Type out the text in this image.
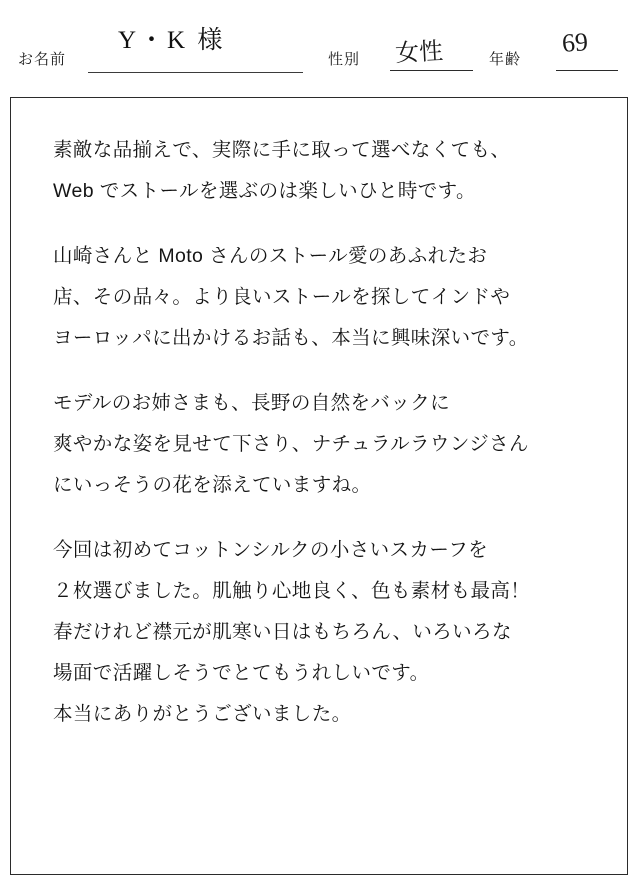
お名前
Y・K 様
性別 女性	年齢
69
素敵な品揃えで、実際に手に取って選べなくても、
Web でストールを選ぶのは楽しいひと時です。
山崎さんと Moto さんのストール愛のあふれたお
店、その品々。より良いストールを探してインドや
ヨーロッパに出かけるお話も、本当に興味深いです。
モデルのお姉さまも、長野の自然をバックに
爽やかな姿を見せて下さり、ナチュラルラウンジさん
にいっそうの花を添えていますね。
今回は初めてコットンシルクの小さいスカーフを
２枚選びました。肌触り心地良く、色も素材も最高！
春だけれど襟元が肌寒い日はもちろん、いろいろな
場面で活躍しそうでとてもうれしいです。
本当にありがとうございました。
